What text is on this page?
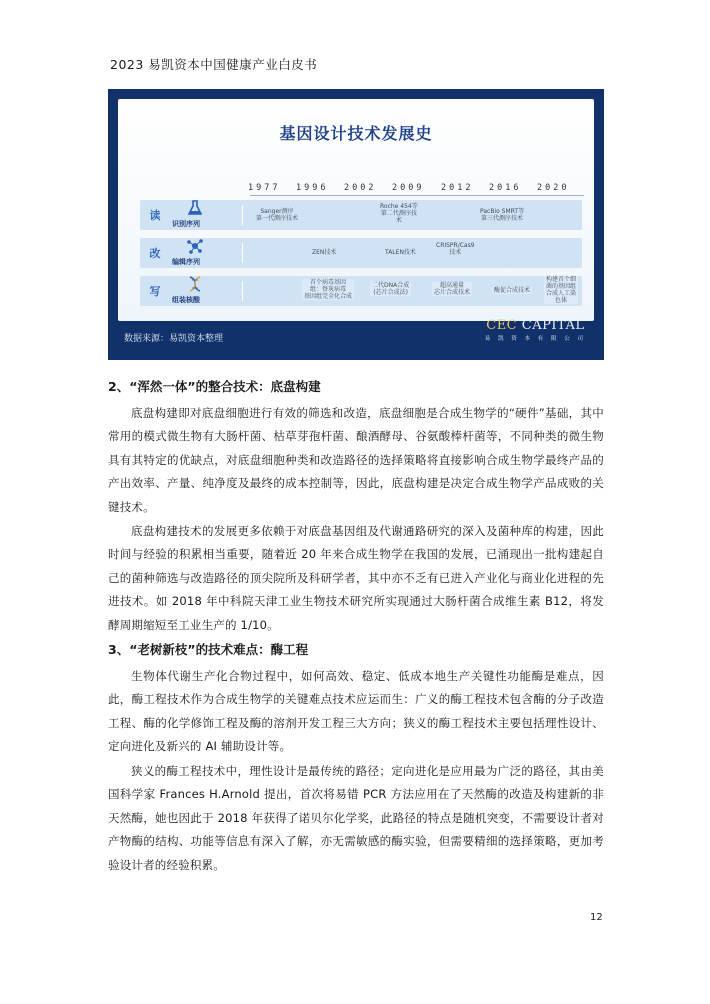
2023 易凯资本中国健康产业白皮书
基因设计技术发展史
1977 1996 2002 2009 2012 2016 2020
读
识别序列
Sanger测序
第一代测序技术
Roche 454等
第二代测序技
术
PacBio SMRT等
第三代测序技术
改
编辑序列
ZEN技术	TALEN技术
CRISPR/Cas9
技术
写
组装核酸
首个病毒基因
组：脊灰病毒
基因组完全化合成
二代DNA合成
(芯片合成法)
超高通量
芯片合成技术	酶促合成技术
构建首个细
菌的基因组
合成人工染
色体
数据来源：易凯资本整理
CEC CAPITAL
易 凯 资 本 有 限 公 司
2、“浑然一体”的整合技术：底盘构建
底盘构建即对底盘细胞进行有效的筛选和改造，底盘细胞是合成生物学的“硬件”基础，其中常用的模式微生物有大肠杆菌、枯草芽孢杆菌、酿酒酵母、谷氨酸棒杆菌等，不同种类的微生物具有其特定的优缺点，对底盘细胞种类和改造路径的选择策略将直接影响合成生物学最终产品的产出效率、产量、纯净度及最终的成本控制等，因此，底盘构建是决定合成生物学产品成败的关键技术。
底盘构建技术的发展更多依赖于对底盘基因组及代谢通路研究的深入及菌种库的构建，因此时间与经验的积累相当重要，随着近 20 年来合成生物学在我国的发展，已涌现出一批构建起自己的菌种筛选与改造路径的顶尖院所及科研学者，其中亦不乏有已进入产业化与商业化进程的先进技术。如 2018 年中科院天津工业生物技术研究所实现通过大肠杆菌合成维生素 B12，将发酵周期缩短至工业生产的 1/10。
3、“老树新枝”的技术难点：酶工程
生物体代谢生产化合物过程中，如何高效、稳定、低成本地生产关键性功能酶是难点，因此，酶工程技术作为合成生物学的关键难点技术应运而生：广义的酶工程技术包含酶的分子改造工程、酶的化学修饰工程及酶的溶剂开发工程三大方向；狭义的酶工程技术主要包括理性设计、定向进化及新兴的 AI 辅助设计等。
狭义的酶工程技术中，理性设计是最传统的路径；定向进化是应用最为广泛的路径，其由美国科学家 Frances H.Arnold 提出，首次将易错 PCR 方法应用在了天然酶的改造及构建新的非天然酶，她也因此于 2018 年获得了诺贝尔化学奖，此路径的特点是随机突变，不需要设计者对产物酶的结构、功能等信息有深入了解，亦无需敏感的酶实验，但需要精细的选择策略，更加考验设计者的经验积累。
12
